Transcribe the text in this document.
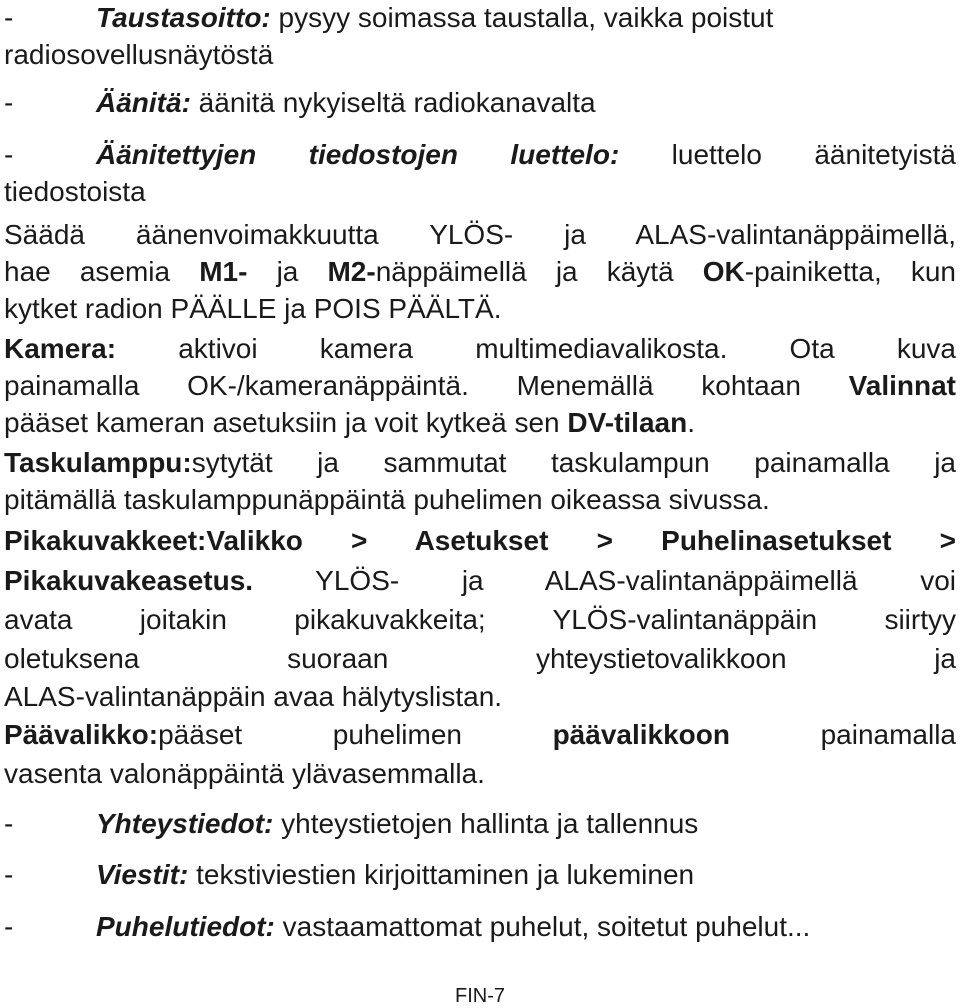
-	Taustasoitto: pysyy soimassa taustalla, vaikka poistut
radiosovellusnäytöstä
-	Äänitä: äänitä nykyiseltä radiokanavalta
-	Äänitettyjen tiedostojen luettelo: luettelo äänitetyistä
tiedostoista
Säädä äänenvoimakkuutta YLÖS- ja ALAS-valintanäppäimellä,
hae asemia M1- ja M2-näppäimellä ja käytä OK-painiketta, kun
kytket radion PÄÄLLE ja POIS PÄÄLTÄ.
Kamera: aktivoi kamera multimediavalikosta. Ota kuva
painamalla OK-/kameranäppäintä. Menemällä kohtaan Valinnat
pääset kameran asetuksiin ja voit kytkeä sen DV-tilaan.
Taskulamppu:sytytät ja sammutat taskulampun painamalla ja
pitämällä taskulamppunäppäintä puhelimen oikeassa sivussa.
Pikakuvakkeet:Valikko > Asetukset > Puhelinasetukset >
Pikakuvakeasetus. YLÖS- ja ALAS-valintanäppäimellä voi
avata joitakin pikakuvakkeita; YLÖS-valintanäppäin siirtyy
oletuksena suoraan yhteystietovalikkoon ja
ALAS-valintanäppäin avaa hälytyslistan.
Päävalikko:pääset puhelimen päävalikkoon painamalla
vasenta valonäppäintä ylävasemmalla.
-	Yhteystiedot: yhteystietojen hallinta ja tallennus
-	Viestit: tekstiviestien kirjoittaminen ja lukeminen
-	Puhelutiedot: vastaamattomat puhelut, soitetut puhelut...
FIN-7
